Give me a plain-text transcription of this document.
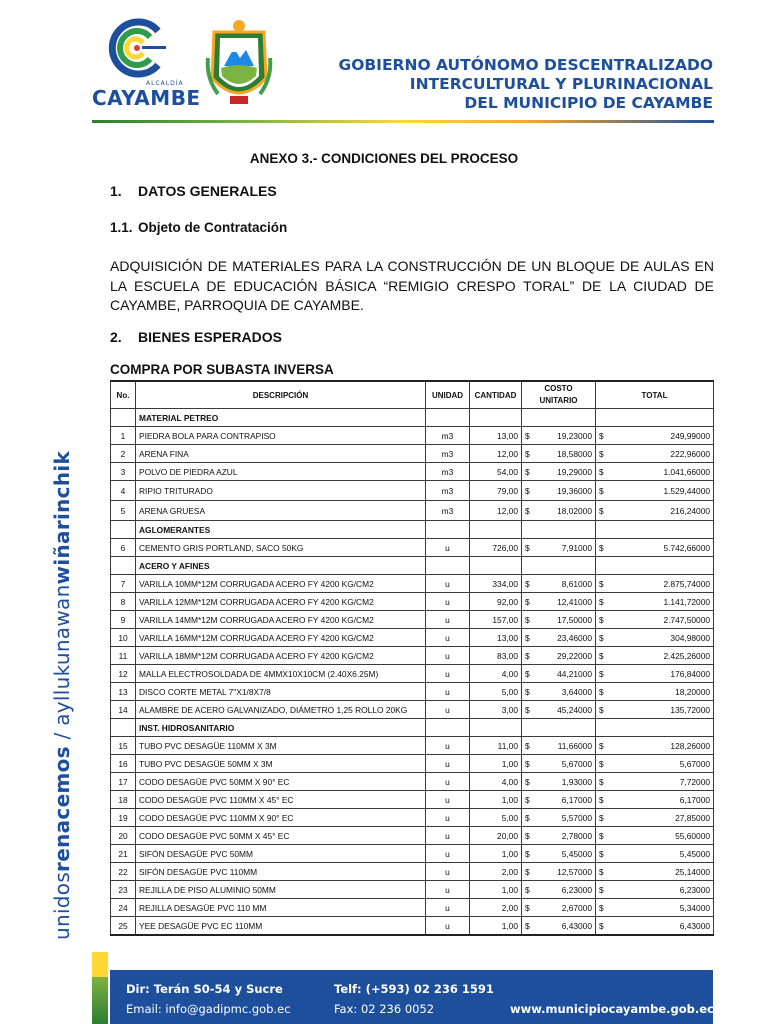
ALCALDÍA
CAYAMBE
GOBIERNO AUTÓNOMO DESCENTRALIZADO
INTERCULTURAL Y PLURINACIONAL
DEL MUNICIPIO DE CAYAMBE
unidosrenacemos / ayllukunawanwiñarinchik
ANEXO 3.- CONDICIONES DEL PROCESO
1. DATOS GENERALES
1.1. Objeto de Contratación
ADQUISICIÓN DE MATERIALES PARA LA CONSTRUCCIÓN DE UN BLOQUE DE AULAS EN LA ESCUELA DE EDUCACIÓN BÁSICA “REMIGIO CRESPO TORAL” DE LA CIUDAD DE CAYAMBE, PARROQUIA DE CAYAMBE.
2. BIENES ESPERADOS
COMPRA POR SUBASTA INVERSA
No.	DESCRIPCIÓN	UNIDAD	CANTIDAD	COSTO UNITARIO		TOTAL	
	MATERIAL PETREO						
1	PIEDRA BOLA PARA CONTRAPISO	m3	13,00	$	19,23000	$	249,99000
2	ARENA FINA	m3	12,00	$	18,58000	$	222,96000
3	POLVO DE PIEDRA AZUL	m3	54,00	$	19,29000	$	1.041,66000
4	RIPIO TRITURADO	m3	79,00	$	19,36000	$	1.529,44000
5	ARENA GRUESA	m3	12,00	$	18,02000	$	216,24000
	AGLOMERANTES						
6	CEMENTO GRIS PORTLAND, SACO 50KG	u	726,00	$	7,91000	$	5.742,66000
	ACERO Y AFINES						
7	VARILLA 10MM*12M CORRUGADA ACERO FY 4200 KG/CM2	u	334,00	$	8,61000	$	2.875,74000
8	VARILLA 12MM*12M CORRUGADA ACERO FY 4200 KG/CM2	u	92,00	$	12,41000	$	1.141,72000
9	VARILLA 14MM*12M CORRUGADA ACERO FY 4200 KG/CM2	u	157,00	$	17,50000	$	2.747,50000
10	VARILLA 16MM*12M CORRUGADA ACERO FY 4200 KG/CM2	u	13,00	$	23,46000	$	304,98000
11	VARILLA 18MM*12M CORRUGADA ACERO FY 4200 KG/CM2	u	83,00	$	29,22000	$	2.425,26000
12	MALLA ELECTROSOLDADA DE 4MMX10X10CM (2.40X6.25M)	u	4,00	$	44,21000	$	176,84000
13	DISCO CORTE METAL 7"X1/8X7/8	u	5,00	$	3,64000	$	18,20000
14	ALAMBRE DE ACERO GALVANIZADO, DIÁMETRO 1,25 ROLLO 20KG	u	3,00	$	45,24000	$	135,72000
	INST. HIDROSANITARIO						
15	TUBO PVC DESAGÜE 110MM X 3M	u	11,00	$	11,66000	$	128,26000
16	TUBO PVC DESAGÜE 50MM X 3M	u	1,00	$	5,67000	$	5,67000
17	CODO DESAGÜE PVC 50MM X 90° EC	u	4,00	$	1,93000	$	7,72000
18	CODO DESAGÜE PVC 110MM X 45° EC	u	1,00	$	6,17000	$	6,17000
19	CODO DESAGÜE PVC 110MM X 90° EC	u	5,00	$	5,57000	$	27,85000
20	CODO DESAGÜE PVC 50MM X 45° EC	u	20,00	$	2,78000	$	55,60000
21	SIFÓN DESAGÜE PVC 50MM	u	1,00	$	5,45000	$	5,45000
22	SIFÓN DESAGÜE PVC 110MM	u	2,00	$	12,57000	$	25,14000
23	REJILLA DE PISO ALUMINIO 50MM	u	1,00	$	6,23000	$	6,23000
24	REJILLA DESAGÜE PVC 110 MM	u	2,00	$	2,67000	$	5,34000
25	YEE DESAGÜE PVC EC 110MM	u	1,00	$	6,43000	$	6,43000
Dir: Terán S0-54 y Sucre
Email: info@gadipmc.gob.ec
Telf: (+593) 02 236 1591
Fax: 02 236 0052	www.municipiocayambe.gob.ec
